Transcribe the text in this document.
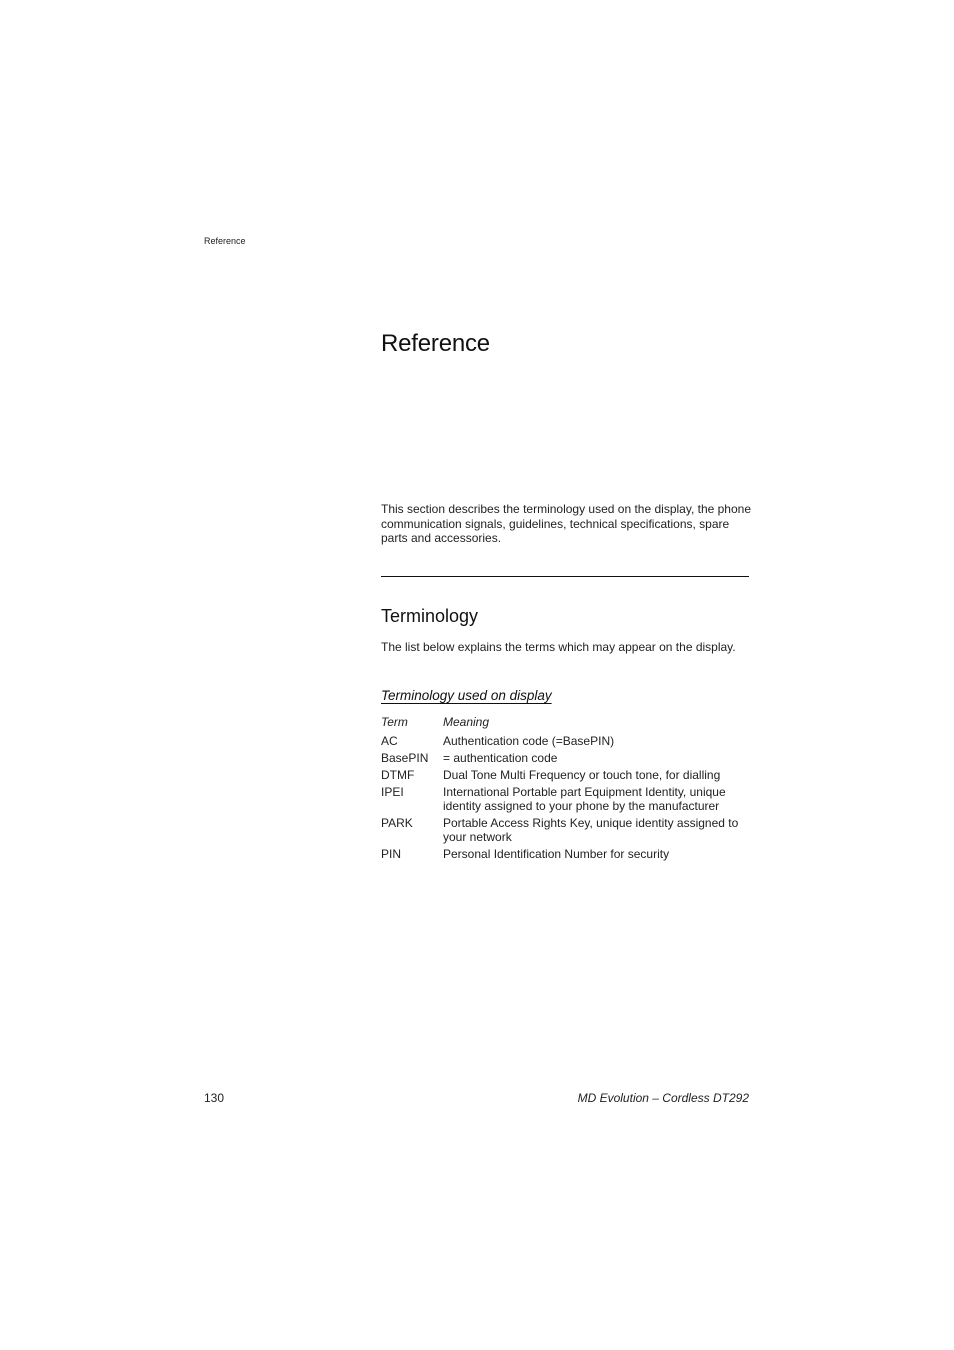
Reference
Reference

This section describes the terminology used on the display, the phone communication signals, guidelines, technical specifications, spare parts and accessories.

Terminology

The list below explains the terms which may appear on the display.

Terminology used on display
Term	Meaning
AC	Authentication code (=BasePIN)
BasePIN	= authentication code
DTMF	Dual Tone Multi Frequency or touch tone, for dialling
IPEI	International Portable part Equipment Identity, unique identity assigned to your phone by the manufacturer
PARK	Portable Access Rights Key, unique identity assigned to your network
PIN	Personal Identification Number for security
130	MD Evolution – Cordless DT292
